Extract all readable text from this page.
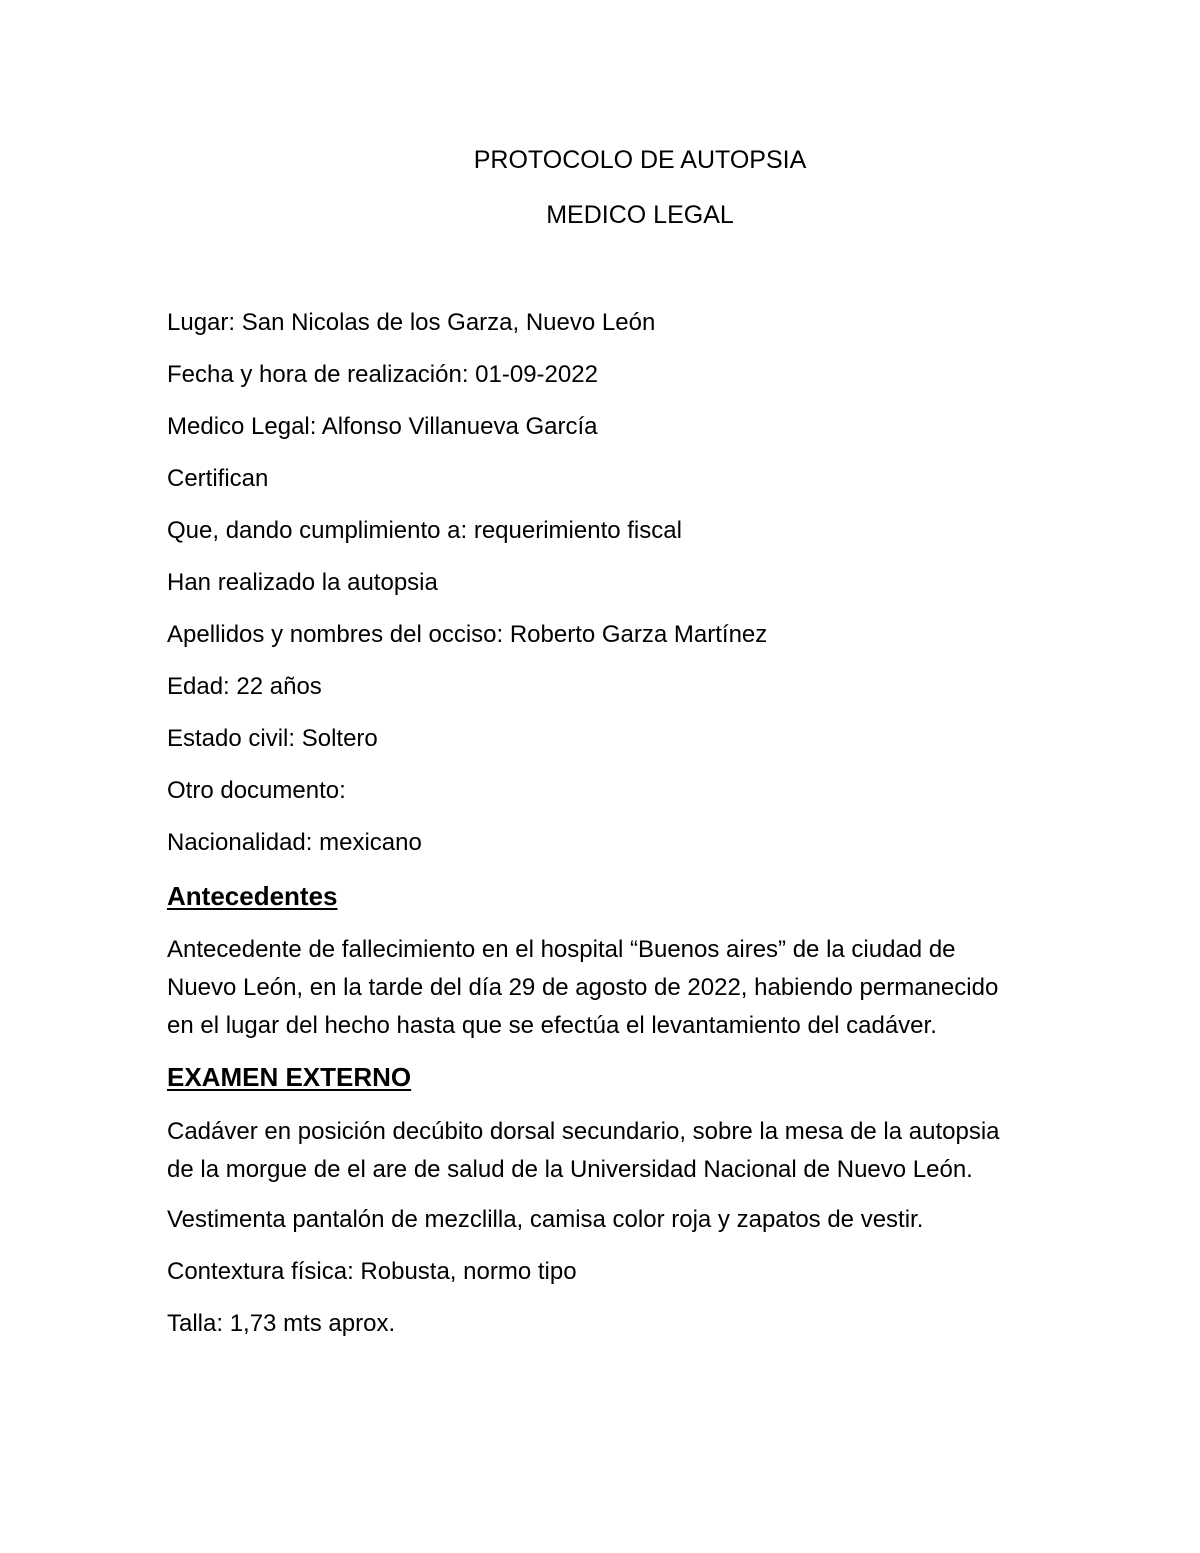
PROTOCOLO DE AUTOPSIA
MEDICO LEGAL
Lugar: San Nicolas de los Garza, Nuevo León
Fecha y hora de realización: 01-09-2022
Medico Legal: Alfonso Villanueva García
Certifican
Que, dando cumplimiento a: requerimiento fiscal
Han realizado la autopsia
Apellidos y nombres del occiso: Roberto Garza Martínez
Edad: 22 años
Estado civil: Soltero
Otro documento:
Nacionalidad: mexicano
Antecedentes
Antecedente de fallecimiento en el hospital “Buenos aires” de la ciudad de
Nuevo León, en la tarde del día 29 de agosto de 2022, habiendo permanecido
en el lugar del hecho hasta que se efectúa el levantamiento del cadáver.
EXAMEN EXTERNO
Cadáver en posición decúbito dorsal secundario, sobre la mesa de la autopsia
de la morgue de el are de salud de la Universidad Nacional de Nuevo León.
Vestimenta pantalón de mezclilla, camisa color roja y zapatos de vestir.
Contextura física: Robusta, normo tipo
Talla: 1,73 mts aprox.
